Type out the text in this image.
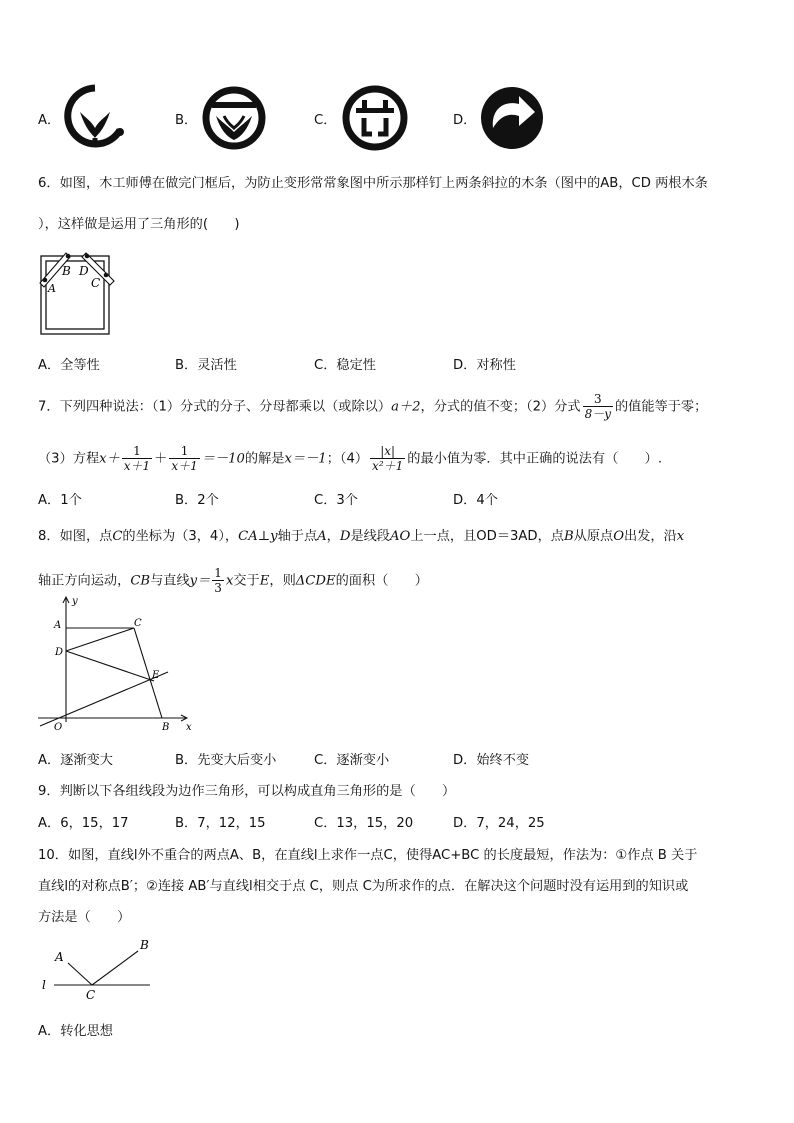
A．	B．	C．	D．
6．如图，木工师傅在做完门框后，为防止变形常常象图中所示那样钉上两条斜拉的木条（图中的AB，CD 两根木条
），这样做是运用了三角形的(　　)
A
B D
C
A．全等性	B．灵活性	C．稳定性	D．对称性
7．下列四种说法：（1）分式的分子、分母都乘以（或除以）a＋2，分式的值不变；（2）分式 $\frac{3}{8-y}$ 的值能等于零；
（3）方程$x+ \frac{1}{x+1} + \frac{1}{x+1} =-10$的解是x＝－1；$(4) \frac{|x|}{\text{x²＋1}}$ 的最小值为零．其中正确的说法有（　　）.
A．1个	B．2个	C．3个	D．4个
8．如图，点C的坐标为（3，4），CA⊥y轴于点A，D是线段AO上一点，且OD＝3AD，点B从原点O出发，沿x
轴正方向运动，CB与直线$y= \frac{1}{3}$ x交于E，则ΔCDE的面积（　　）
y
x
A	C
D
E
O	B
A．逐渐变大	B．先变大后变小	C．逐渐变小	D．始终不变
9．判断以下各组线段为边作三角形，可以构成直角三角形的是（　　）
A．6，15，17	B．7，12，15	C．13，15，20	D．7，24，25
10．如图，直线l外不重合的两点A、B，在直线l上求作一点C，使得AC+BC 的长度最短，作法为：①作点 B 关于
直线l的对称点B′；②连接 AB′与直线l相交于点 C，则点 C为所求作的点．在解决这个问题时没有运用到的知识或
方法是（　　）
A
B
C
l
A．转化思想
